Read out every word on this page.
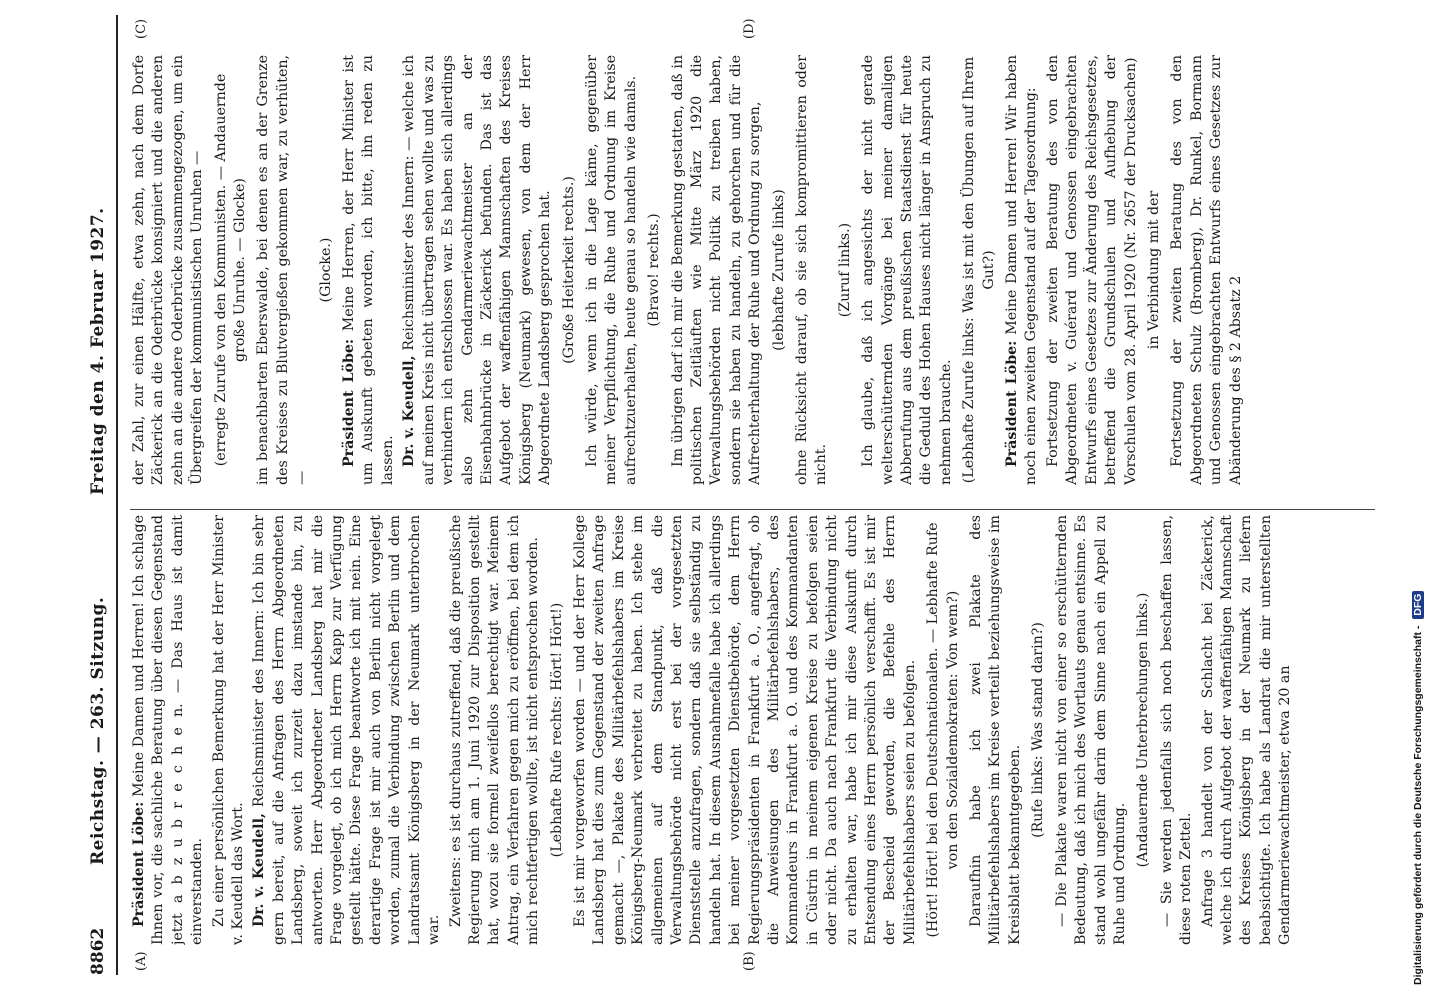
8862
Reichstag. — 263. Sitzung.
Freitag den 4. Februar 1927.
(A)	(B)
(C)	(D)

Präsident Löbe: Meine Damen und Herren! Ich schlage Ihnen vor, die sachliche Beratung über diesen Gegenstand jetzt a b z u b r e c h e n. — Das Haus ist damit einverstanden. Zu einer persönlichen Bemerkung hat der Herr Minister v. Keudell das Wort. Dr. v. Keudell, Reichsminister des Innern: Ich bin sehr gern bereit, auf die Anfragen des Herrn Abgeordneten Landsberg, soweit ich zurzeit dazu imstande bin, zu antworten. Herr Abgeordneter Landsberg hat mir die Frage vorgelegt, ob ich mich Herrn Kapp zur Verfügung gestellt hätte. Diese Frage beantworte ich mit nein. Eine derartige Frage ist mir auch von Berlin nicht vorgelegt worden, zumal die Verbindung zwischen Berlin und dem Landratsamt Königsberg in der Neumark unterbrochen war.

Zweitens: es ist durchaus zutreffend, daß die preußische Regierung mich am 1. Juni 1920 zur Disposition gestellt hat, wozu sie formell zweifellos berechtigt war. Meinem Antrag, ein Verfahren gegen mich zu eröffnen, bei dem ich mich rechtfertigen wollte, ist nicht entsprochen worden. (Lebhafte Rufe rechts: Hört! Hört!) Es ist mir vorgeworfen worden — und der Herr Kollege Landsberg hat dies zum Gegenstand der zweiten Anfrage gemacht —, Plakate des Militärbefehlshabers im Kreise Königsberg-Neumark verbreitet zu haben. Ich stehe im allgemeinen auf dem Standpunkt, daß die Verwaltungsbehörde nicht erst bei der vorgesetzten Dienststelle anzufragen, sondern daß sie selbständig zu handeln hat. In diesem Ausnahmefalle habe ich allerdings bei meiner vorgesetzten Dienstbehörde, dem Herrn Regierungspräsidenten in Frankfurt a. O., angefragt, ob die Anweisungen des Militärbefehlshabers, des Kommandeurs in Frankfurt a. O. und des Kommandanten in Cüstrin in meinem eigenen Kreise zu befolgen seien oder nicht. Da auch nach Frankfurt die Verbindung nicht zu erhalten war, habe ich mir diese Auskunft durch Entsendung eines Herrn persönlich verschafft. Es ist mir der Bescheid geworden, die Befehle des Herrn Militärbefehlshabers seien zu befolgen. (Hört! Hört! bei den Deutschnationalen. — Lebhafte Rufe von den Sozialdemokraten: Von wem?) Daraufhin habe ich zwei Plakate des Militärbefehlshabers im Kreise verteilt beziehungsweise im Kreisblatt bekanntgegeben.

(Rufe links: Was stand darin?) — Die Plakate waren nicht von einer so erschütternden Bedeutung, daß ich mich des Wortlauts genau entsinne. Es stand wohl ungefähr darin dem Sinne nach ein Appell zu Ruhe und Ordnung.

(Andauernde Unterbrechungen links.) — Sie werden jedenfalls sich noch beschaffen lassen, diese roten Zettel. Anfrage 3 handelt von der Schlacht bei Zäckerick, welche ich durch Aufgebot der waffenfähigen Mannschaft des Kreises Königsberg in der Neumark zu liefern beabsichtigte. Ich habe als Landrat die mir unterstellten Gendarmeriewachtmeister, etwa 20 an

der Zahl, zur einen Hälfte, etwa zehn, nach dem Dorfe Zäckerick an die Oderbrücke konsigniert und die anderen zehn an die andere Oderbrücke zusammengezogen, um ein Übergreifen der kommunistischen Unruhen — (erregte Zurufe von den Kommunisten. — Andauernde große Unruhe. — Glocke) im benachbarten Eberswalde, bei denen es an der Grenze des Kreises zu Blutvergießen gekommen war, zu verhüten, —

(Glocke.)

Präsident Löbe: Meine Herren, der Herr Minister ist um Auskunft gebeten worden, ich bitte, ihn reden zu lassen. Dr. v. Keudell, Reichsminister des Innern: — welche ich auf meinen Kreis nicht übertragen sehen wollte und was zu verhindern ich entschlossen war. Es haben sich allerdings also zehn Gendarmeriewachtmeister an der Eisenbahnbrücke in Zäckerick befunden. Das ist das Aufgebot der waffenfähigen Mannschaften des Kreises Königsberg (Neumark) gewesen, von dem der Herr Abgeordnete Landsberg gesprochen hat. (Große Heiterkeit rechts.) Ich würde, wenn ich in die Lage käme, gegenüber meiner Verpflichtung, die Ruhe und Ordnung im Kreise aufrechtzuerhalten, heute genau so handeln wie damals. (Bravo! rechts.) Im übrigen darf ich mir die Bemerkung gestatten, daß in politischen Zeitläuften wie Mitte März 1920 die Verwaltungsbehörden nicht Politik zu treiben haben, sondern sie haben zu handeln, zu gehorchen und für die Aufrechterhaltung der Ruhe und Ordnung zu sorgen, (lebhafte Zurufe links) ohne Rücksicht darauf, ob sie sich kompromittieren oder nicht.

(Zuruf links.) Ich glaube, daß ich angesichts der nicht gerade welterschütternden Vorgänge bei meiner damaligen Abberufung aus dem preußischen Staatsdienst für heute die Geduld des Hohen Hauses nicht länger in Anspruch zu nehmen brauche. (Lebhafte Zurufe links: Was ist mit den Übungen auf Ihrem Gut?)

Präsident Löbe: Meine Damen und Herren! Wir haben noch einen zweiten Gegenstand auf der Tagesordnung: Fortsetzung der zweiten Beratung des von den Abgeordneten v. Guérard und Genossen eingebrachten Entwurfs eines Gesetzes zur Änderung des Reichsgesetzes, betreffend die Grundschulen und Aufhebung der Vorschulen vom 28. April 1920 (Nr. 2657 der Drucksachen) in Verbindung mit der Fortsetzung der zweiten Beratung des von den Abgeordneten Schulz (Bromberg), Dr. Runkel, Bormann und Genossen eingebrachten Entwurfs eines Gesetzes zur Abänderung des § 2 Absatz 2

Digitalisierung gefördert durch die Deutsche Forschungsgemeinschaft - DFG
